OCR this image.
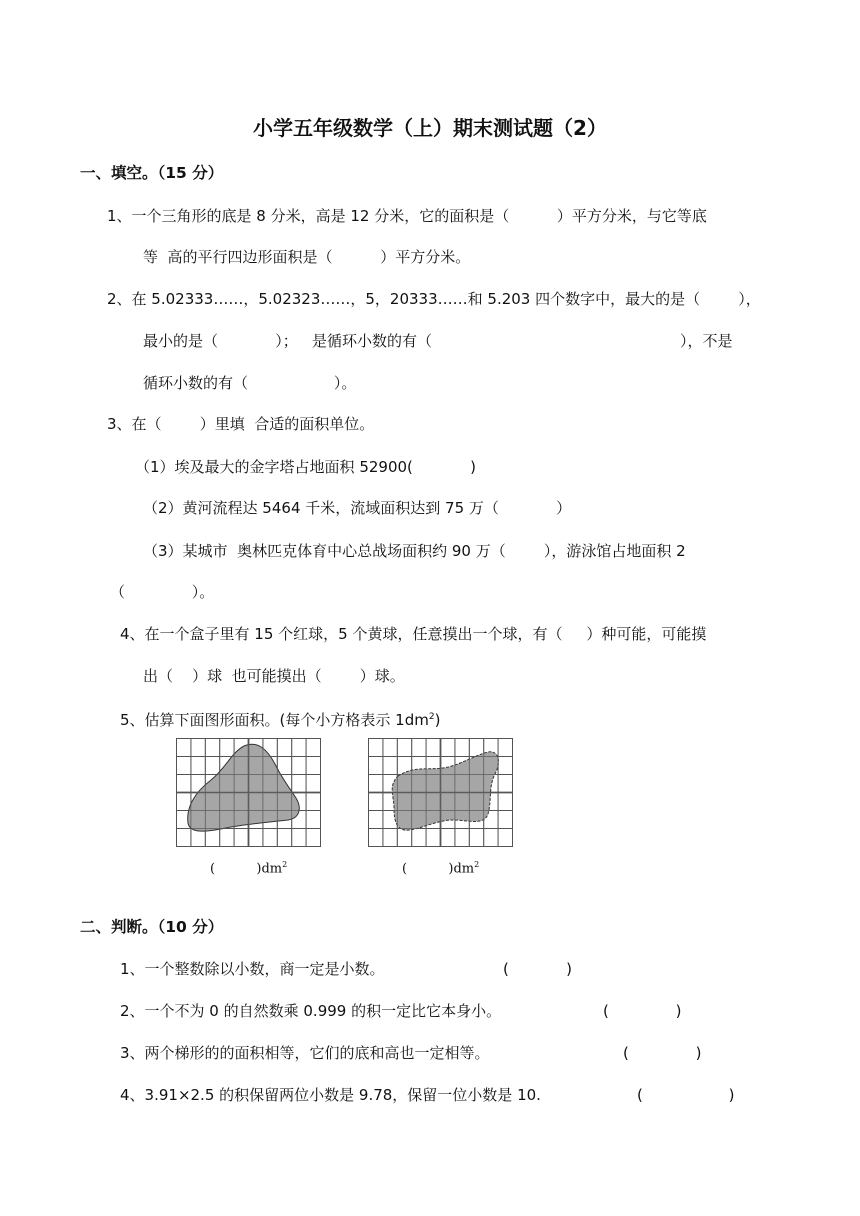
小学五年级数学（上）期末测试题（2）
一、填空。（15 分）
1、一个三角形的底是 8 分米，高是 12 分米，它的面积是（          ）平方分米，与它等底
等  高的平行四边形面积是（          ）平方分米。
2、在 5.02333……，5.02323……，5，20333……和 5.203 四个数字中，最大的是（        ），
最小的是（            ）；   是循环小数的有（                                                    ），不是
循环小数的有（                  ）。
3、在（        ）里填  合适的面积单位。
（1）埃及最大的金字塔占地面积 52900(            )
（2）黄河流程达 5464 千米，流域面积达到 75 万（            ）
（3）某城市  奥林匹克体育中心总战场面积约 90 万（        ），游泳馆占地面积 2
（              ）。
4、在一个盒子里有 15 个红球，5 个黄球，任意摸出一个球，有（     ）种可能，可能摸
出（    ）球  也可能摸出（        ）球。
5、估算下面图形面积。(每个小方格表示 $1dm^2$)
(          )$dm^2$	(          )$dm^2$
二、判断。（10 分）
1、一个整数除以小数，商一定是小数。	(            )
2、一个不为 0 的自然数乘 0.999 的积一定比它本身小。	(              )
3、两个梯形的的面积相等，它们的底和高也一定相等。	(              )
4、3.91×2.5 的积保留两位小数是 9.78，保留一位小数是 10.	(                  )
